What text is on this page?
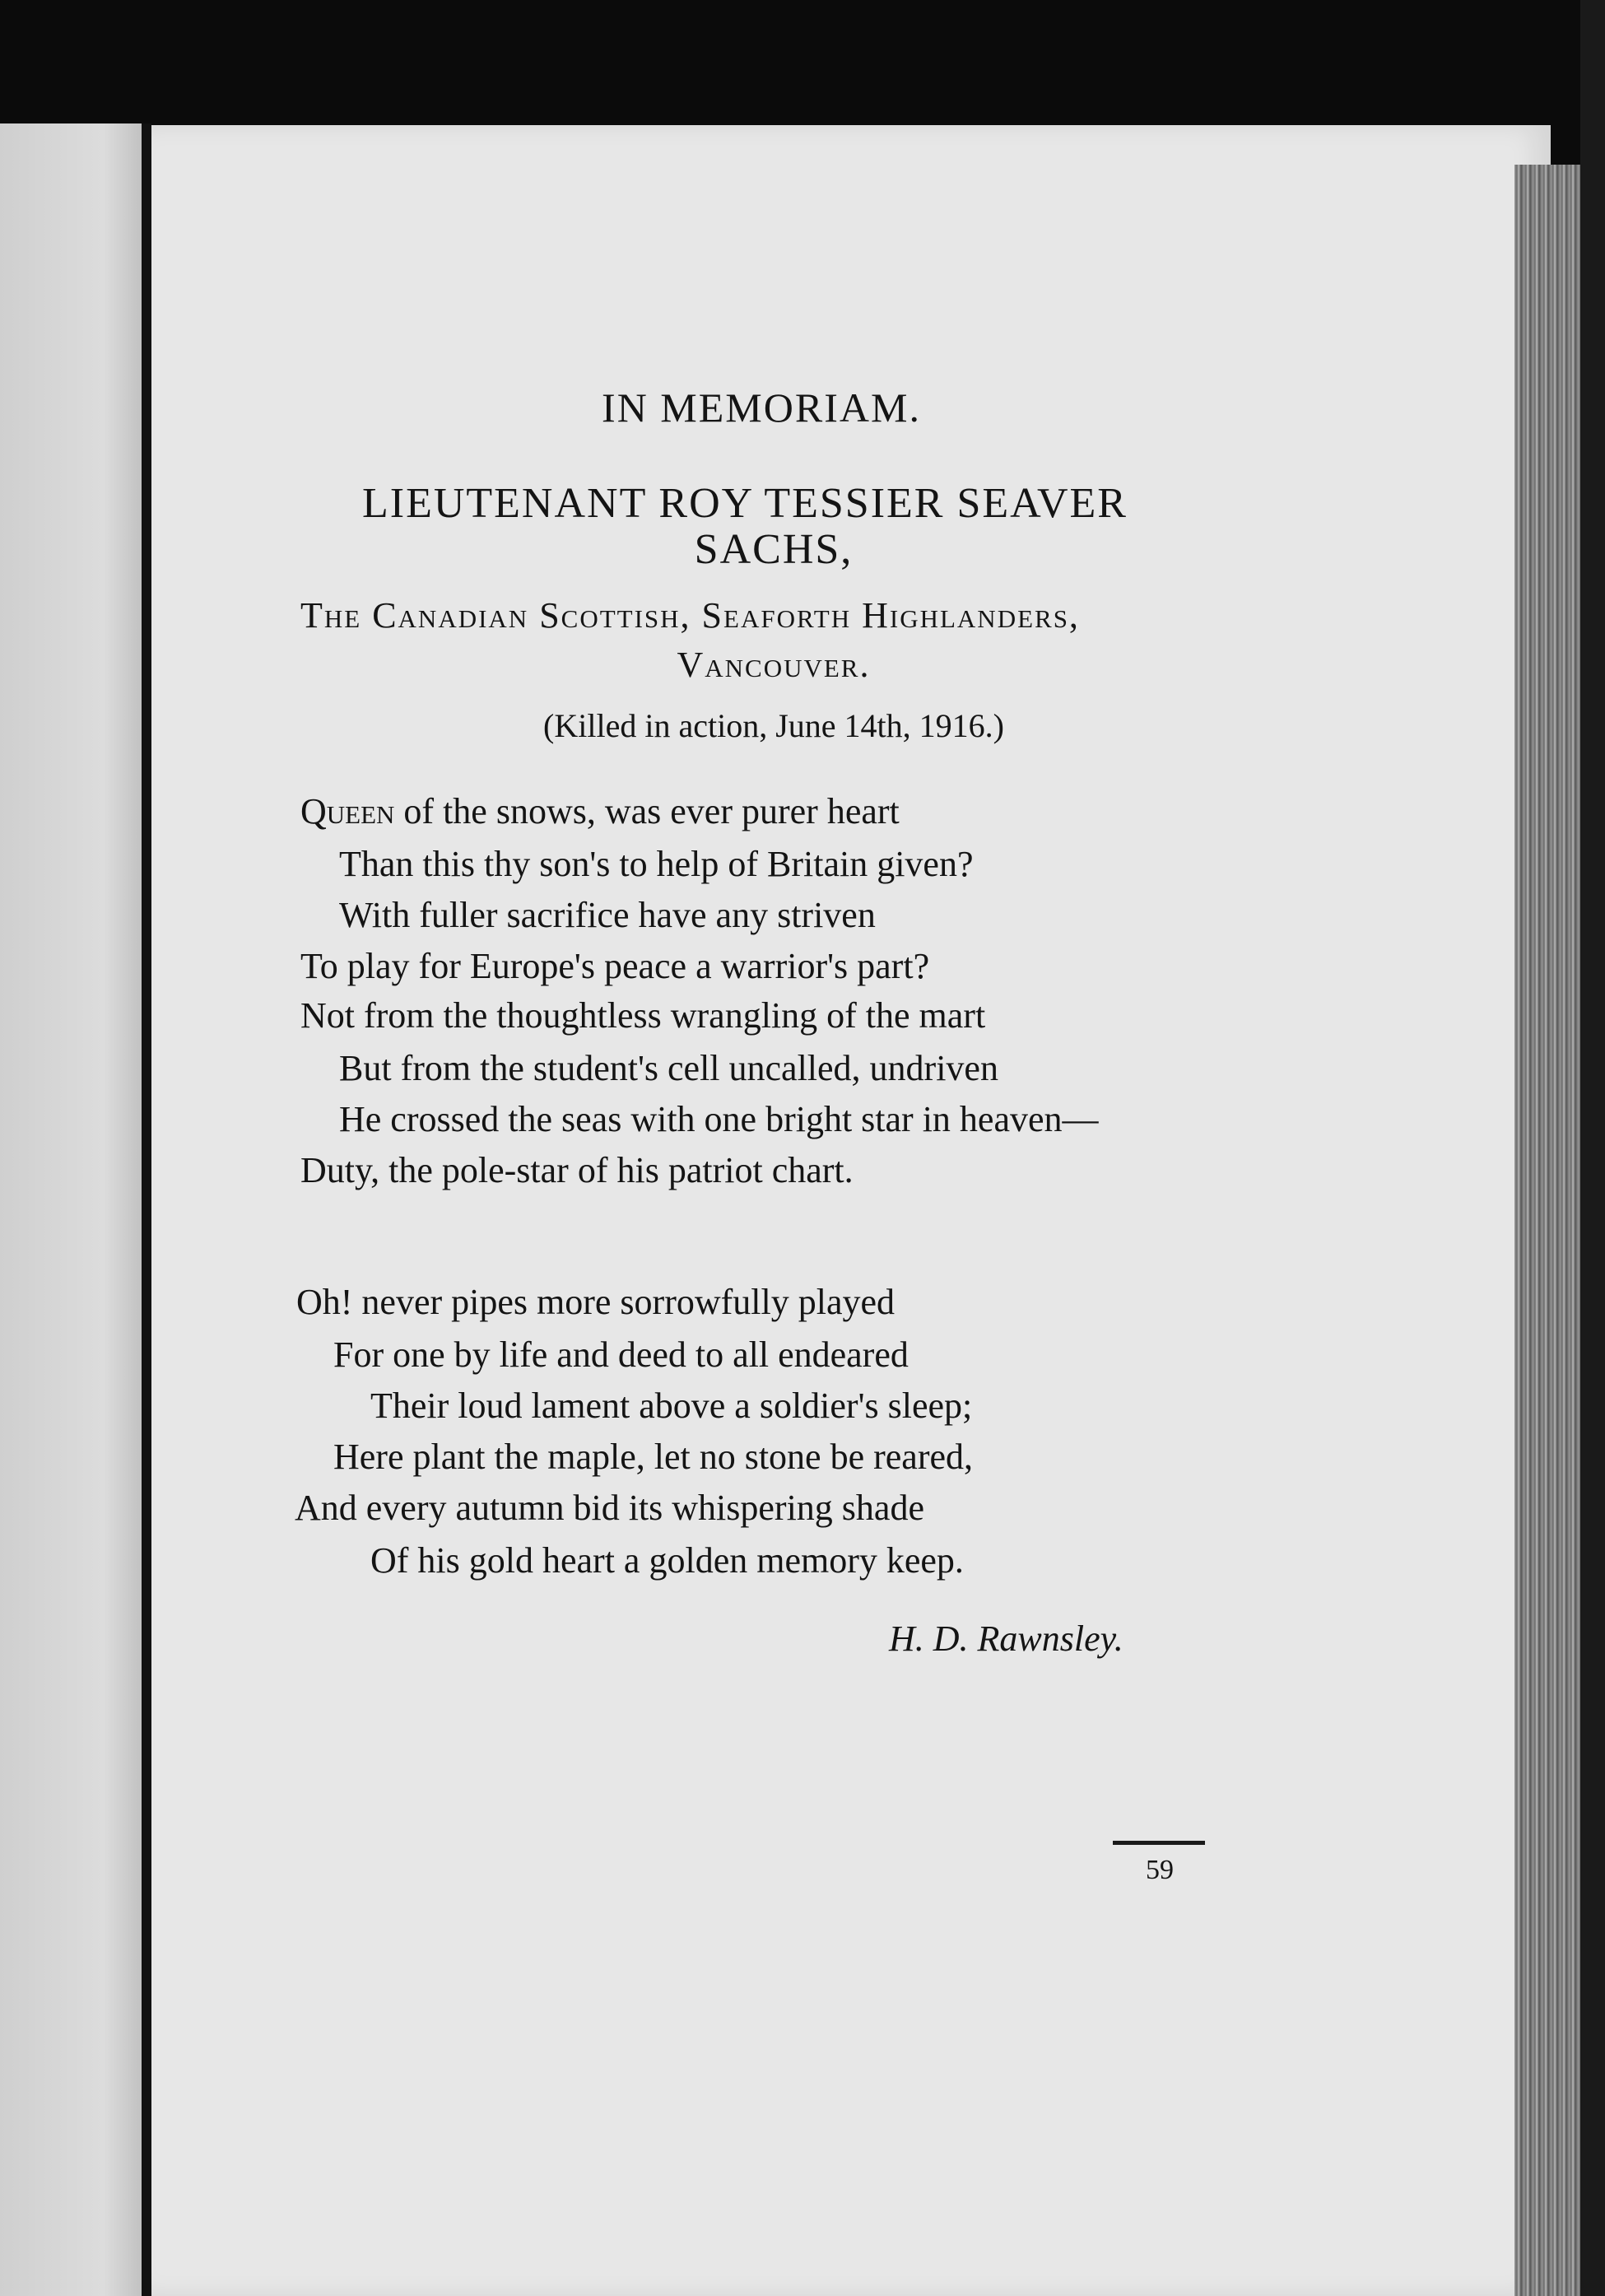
IN MEMORIAM.
LIEUTENANT ROY TESSIER SEAVER
SACHS,
The Canadian Scottish, Seaforth Highlanders,
Vancouver.
(Killed in action, June 14th, 1916.)
Queen of the snows, was ever purer heart
Than this thy son's to help of Britain given?
With fuller sacrifice have any striven
To play for Europe's peace a warrior's part?
Not from the thoughtless wrangling of the mart
But from the student's cell uncalled, undriven
He crossed the seas with one bright star in heaven—
Duty, the pole-star of his patriot chart.
Oh! never pipes more sorrowfully played
For one by life and deed to all endeared
Their loud lament above a soldier's sleep;
Here plant the maple, let no stone be reared,
And every autumn bid its whispering shade
Of his gold heart a golden memory keep.
H. D. Rawnsley.
59
